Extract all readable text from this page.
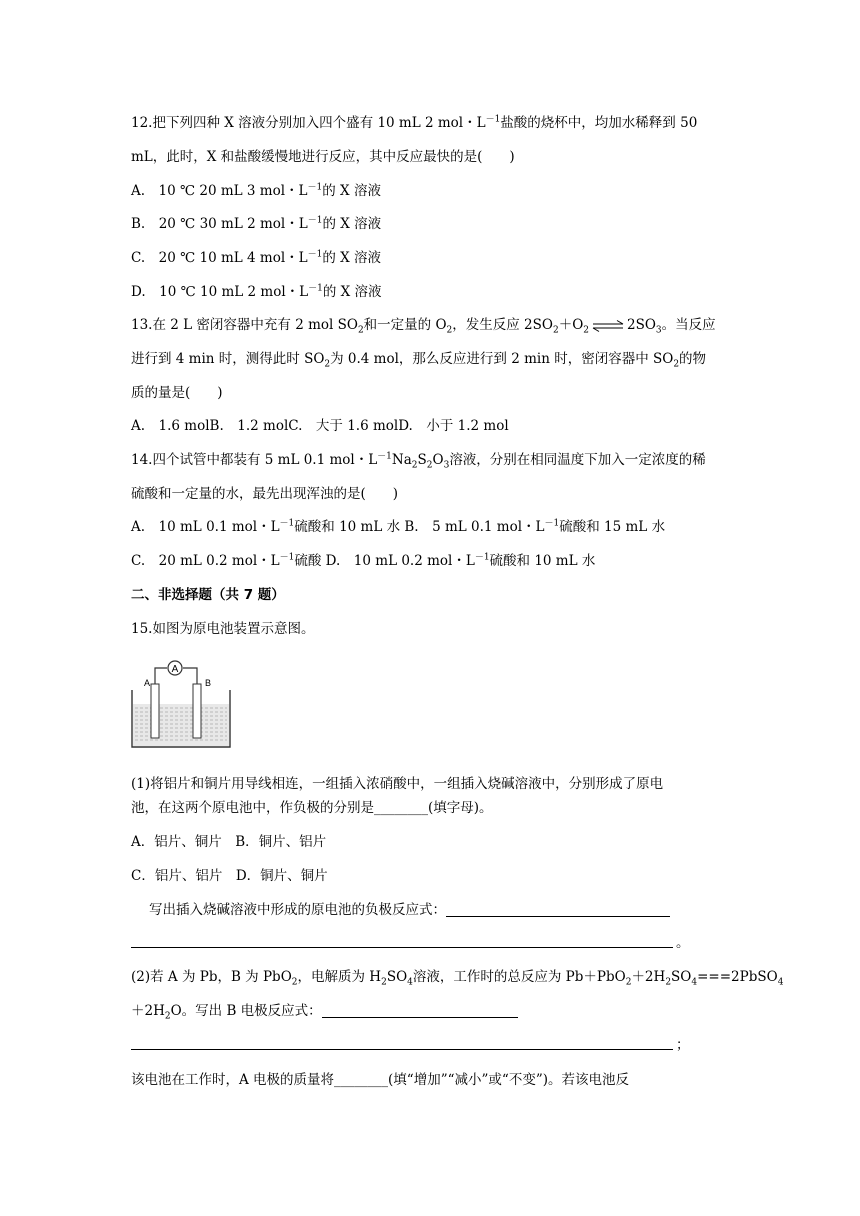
12.把下列四种 X 溶液分别加入四个盛有 10 mL 2 mol・$L^{-1}$盐酸的烧杯中，均加水稀释到 50
mL，此时，X 和盐酸缓慢地进行反应，其中反应最快的是(　　)
A.　10 ℃ 20 mL 3 mol・$L^{-1}$的 X 溶液
B.　20 ℃ 30 mL 2 mol・$L^{-1}$的 X 溶液
C.　20 ℃ 10 mL 4 mol・$L^{-1}$的 X 溶液
D.　10 ℃ 10 mL 2 mol・$L^{-1}$的 X 溶液
13.在 2 L 密闭容器中充有 2 mol $SO_2$和一定量的 $O_2$，发生反应 $2SO_2+O_2$ ⇌ $2SO_3$。当反应
进行到 4 min 时，测得此时 $SO_2$为 0.4 mol，那么反应进行到 2 min 时，密闭容器中 $SO_2$的物
质的量是(　　)
A.　1.6 molB.　1.2 molC.　大于 1.6 molD.　小于 1.2 mol
14.四个试管中都装有 5 mL 0.1 mol・$L^{-1}Na_2S_2O_3$溶液，分别在相同温度下加入一定浓度的稀
硫酸和一定量的水，最先出现浑浊的是(　　)
A.　10 mL 0.1 mol・$L^{-1}$硫酸和 10 mL 水 B.　5 mL 0.1 mol・$L^{-1}$硫酸和 15 mL 水
C.　20 mL 0.2 mol・$L^{-1}$硫酸 D.　10 mL 0.2 mol・$L^{-1}$硫酸和 10 mL 水
二、非选择题（共 7 题）
15.如图为原电池装置示意图。
A
A	B
(1)将铝片和铜片用导线相连，一组插入浓硝酸中，一组插入烧碱溶液中，分别形成了原电
池，在这两个原电池中，作负极的分别是________(填字母)。
A．铝片、铜片　B．铜片、铝片
C．铝片、铝片　D．铜片、铜片
写出插入烧碱溶液中形成的原电池的负极反应式：
。
(2)若 A 为 Pb，B 为 PbO$_2$，电解质为 $H_2SO_4$溶液，工作时的总反应为 $Pb+PbO_2+2H_2SO_4===2PbSO_4$
$+2H_2O$。写出 B 电极反应式：
；
该电池在工作时，A 电极的质量将________(填“增加”“减小”或“不变”)。若该电池反
